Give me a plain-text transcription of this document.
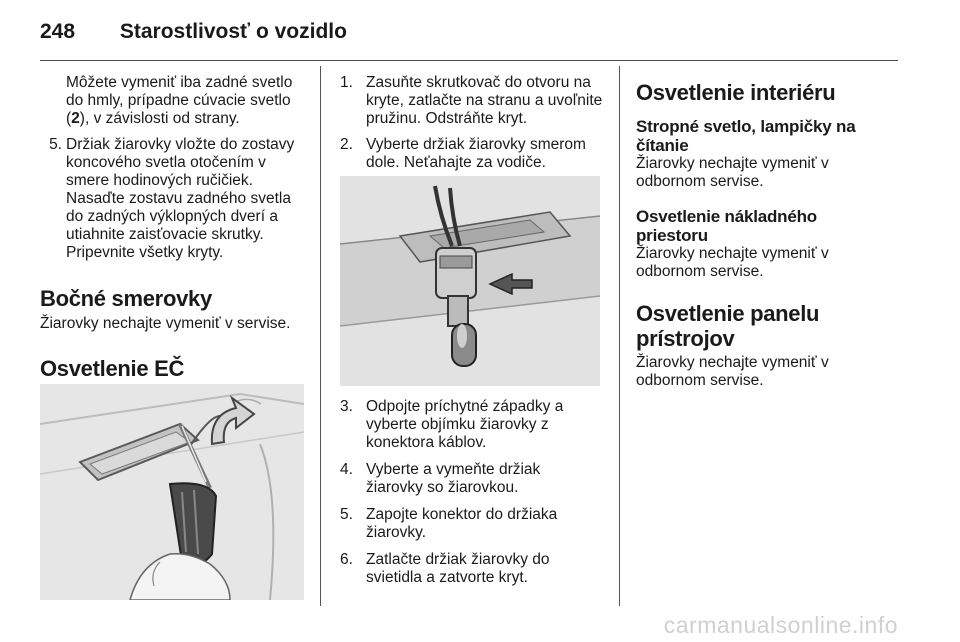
248 Starostlivosť o vozidlo

Môžete vymeniť iba zadné svetlo
do hmly, prípadne cúvacie svetlo
(2), v závislosti od strany.

5. Držiak žiarovky vložte do zostavy
koncového svetla otočením v
smere hodinových ručičiek.
Nasaďte zostavu zadného svetla
do zadných výklopných dverí a
utiahnite zaisťovacie skrutky.
Pripevnite všetky kryty.
Bočné smerovky

Žiarovky nechajte vymeniť v servise.

Osvetlenie EČ
1. Zasuňte skrutkovač do otvoru na
kryte, zatlačte na stranu a uvoľnite
pružinu. Odstráňte kryt.
2. Vyberte držiak žiarovky smerom
dole. Neťahajte za vodiče.
3. Odpojte príchytné západky a
vyberte objímku žiarovky z
konektora káblov.
4. Vyberte a vymeňte držiak
žiarovky so žiarovkou.
5. Zapojte konektor do držiaka
žiarovky.
6. Zatlačte držiak žiarovky do
svietidla a zatvorte kryt.
Osvetlenie interiéru
Stropné svetlo, lampičky na
čítanie

Žiarovky nechajte vymeniť v
odbornom servise.

Osvetlenie nákladného
priestoru

Žiarovky nechajte vymeniť v
odbornom servise.

Osvetlenie panelu
prístrojov

Žiarovky nechajte vymeniť v
odbornom servise.

carmanualsonline.info
